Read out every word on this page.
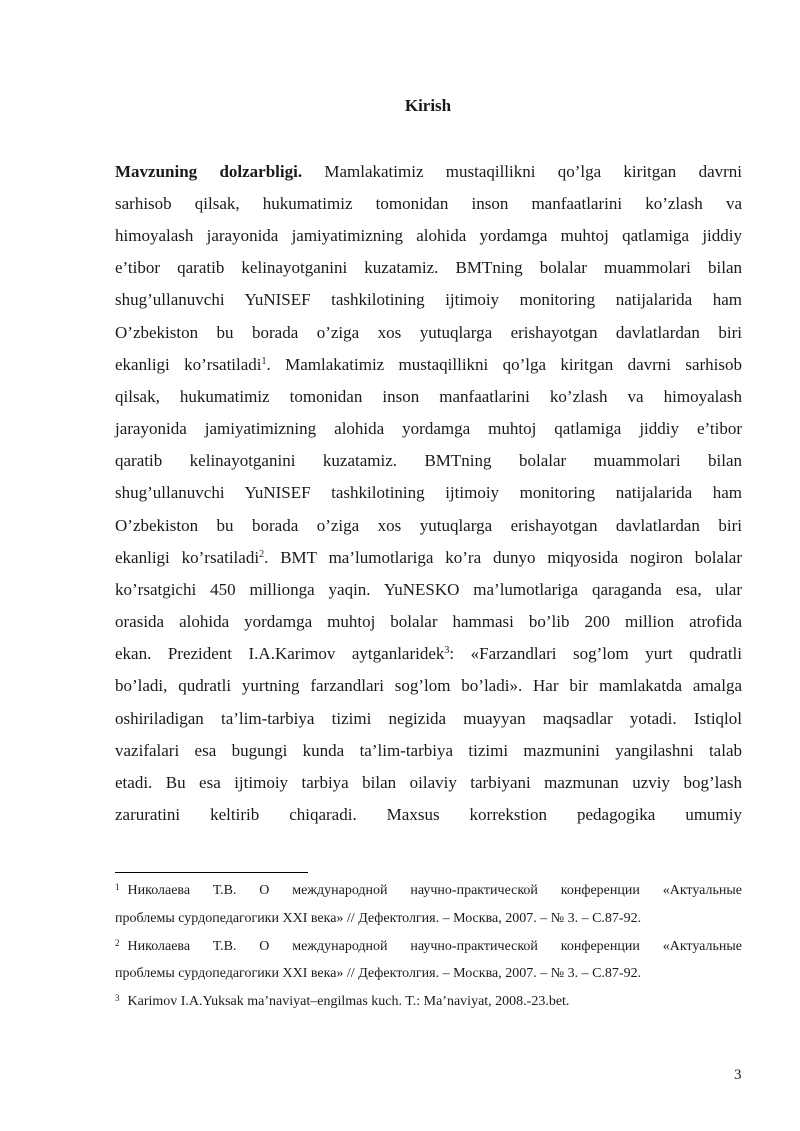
Kirish
Mavzuning dolzarbligi. Mamlakatimiz mustaqillikni qo’lga kiritgan davrni
sarhisob qilsak, hukumatimiz tomonidan inson manfaatlarini ko’zlash va
himoyalash jarayonida jamiyatimizning alohida yordamga muhtoj qatlamiga jiddiy
e’tibor qaratib kelinayotganini kuzatamiz. BMTning bolalar muammolari bilan
shug’ullanuvchi YuNISEF tashkilotining ijtimoiy monitoring natijalarida ham
O’zbekiston bu borada o’ziga xos yutuqlarga erishayotgan davlatlardan biri
ekanligi ko’rsatiladi$^1$. Mamlakatimiz mustaqillikni qo’lga kiritgan davrni sarhisob
qilsak, hukumatimiz tomonidan inson manfaatlarini ko’zlash va himoyalash
jarayonida jamiyatimizning alohida yordamga muhtoj qatlamiga jiddiy e’tibor
qaratib kelinayotganini kuzatamiz. BMTning bolalar muammolari bilan
shug’ullanuvchi YuNISEF tashkilotining ijtimoiy monitoring natijalarida ham
O’zbekiston bu borada o’ziga xos yutuqlarga erishayotgan davlatlardan biri
ekanligi ko’rsatiladi$^2$. BMT ma’lumotlariga ko’ra dunyo miqyosida nogiron bolalar
ko’rsatgichi 450 millionga yaqin. YuNESKO ma’lumotlariga qaraganda esa, ular
orasida alohida yordamga muhtoj bolalar hammasi bo’lib 200 million atrofida
ekan. Prezident I.A.Karimov aytganlaridek$^3$: «Farzandlari sog’lom yurt qudratli
bo’ladi, qudratli yurtning farzandlari sog’lom bo’ladi». Har bir mamlakatda amalga
oshiriladigan ta’lim-tarbiya tizimi negizida muayyan maqsadlar yotadi. Istiqlol
vazifalari esa bugungi kunda ta’lim-tarbiya tizimi mazmunini yangilashni talab
etadi. Bu esa ijtimoiy tarbiya bilan oilaviy tarbiyani mazmunan uzviy bog’lash
zaruratini keltirib chiqaradi. Maxsus korrekstion pedagogika umumiy
$^1$ Николаева Т.В. О международной научно-практической конференции «Актуальные
проблемы сурдопедагогики XXI века» // Дефектолгия. – Москва, 2007. – № 3. – С.87-92.
$^2$ Николаева Т.В. О международной научно-практической конференции «Актуальные
проблемы сурдопедагогики XXI века» // Дефектолгия. – Москва, 2007. – № 3. – С.87-92.
$^3$ Karimov I.A.Yuksak ma’naviyat–engilmas kuch. T.: Ma’naviyat, 2008.-23.bet.
3
